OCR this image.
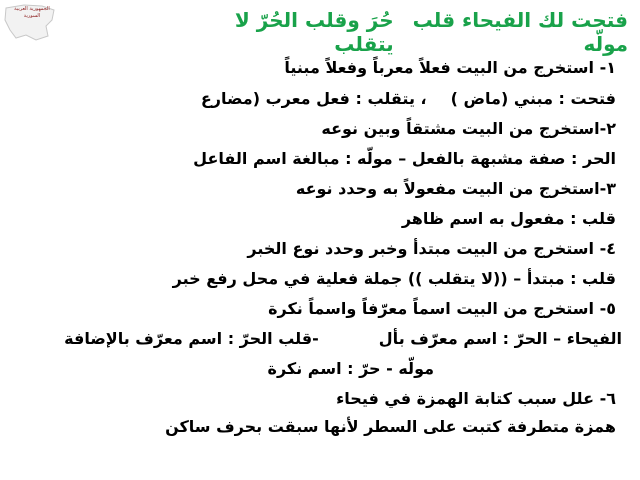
الجمهورية العربية السورية	فتحت لك الفيحاء قلب مولّه
حُرَ وقلب الحُرّ لا يتقلب
١- استخرج من البيت فعلاً معرباً وفعلاً مبنياً
فتحت : مبني (ماض )، يتقلب : فعل معرب (مضارع
٢-استخرج من البيت مشتقاً وبين نوعه
الحر : صفة مشبهة بالفعل – مولّه : مبالغة اسم الفاعل
٣-استخرج من البيت مفعولاً به وحدد نوعه
قلب : مفعول به اسم ظاهر
٤- استخرج من البيت مبتدأ وخبر وحدد نوع الخبر
قلب : مبتدأ – ((لا يتقلب )) جملة فعلية في محل رفع خبر
٥- استخرج من البيت اسماً معرّفاً واسماً نكرة
الفيحاء – الحرّ : اسم معرّف بأل-قلب الحرّ : اسم معرّف بالإضافة
مولّه - حرّ : اسم نكرة
٦- علل سبب كتابة الهمزة في فيحاء
همزة متطرفة كتبت على السطر لأنها سبقت بحرف ساكن
